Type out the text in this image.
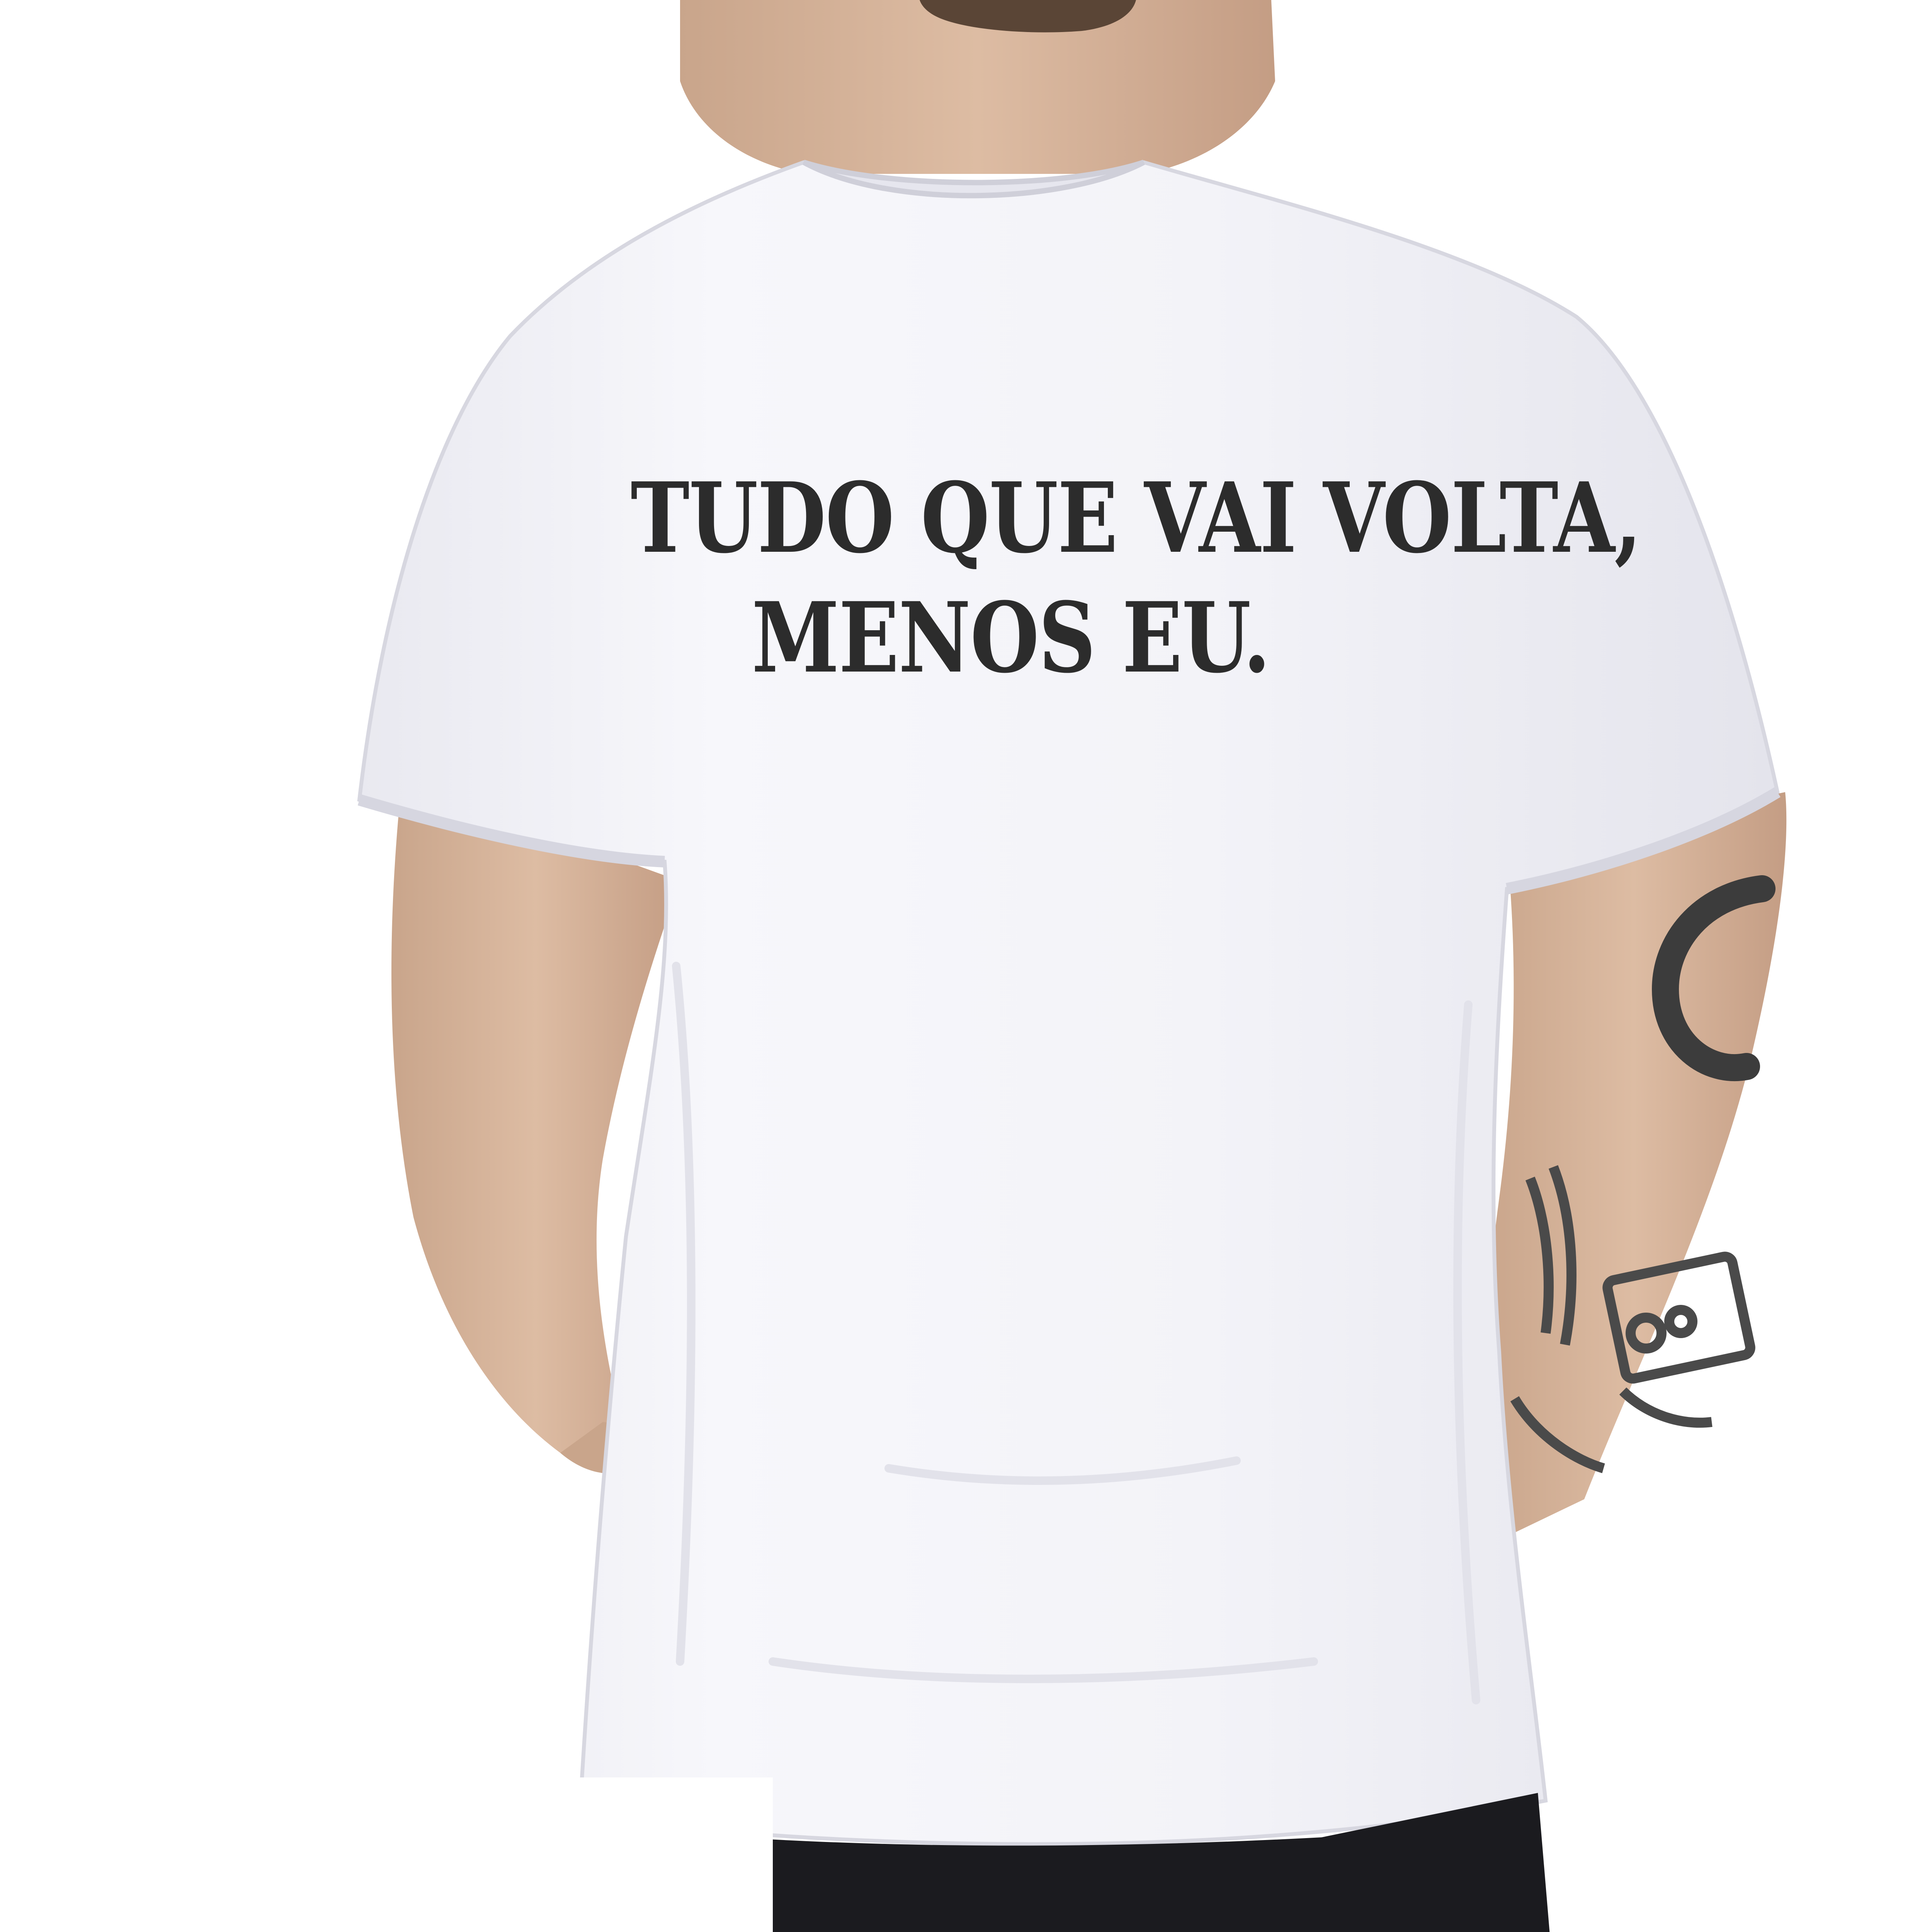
TUDO QUE VAI VOLTA,
MENOS EU.
